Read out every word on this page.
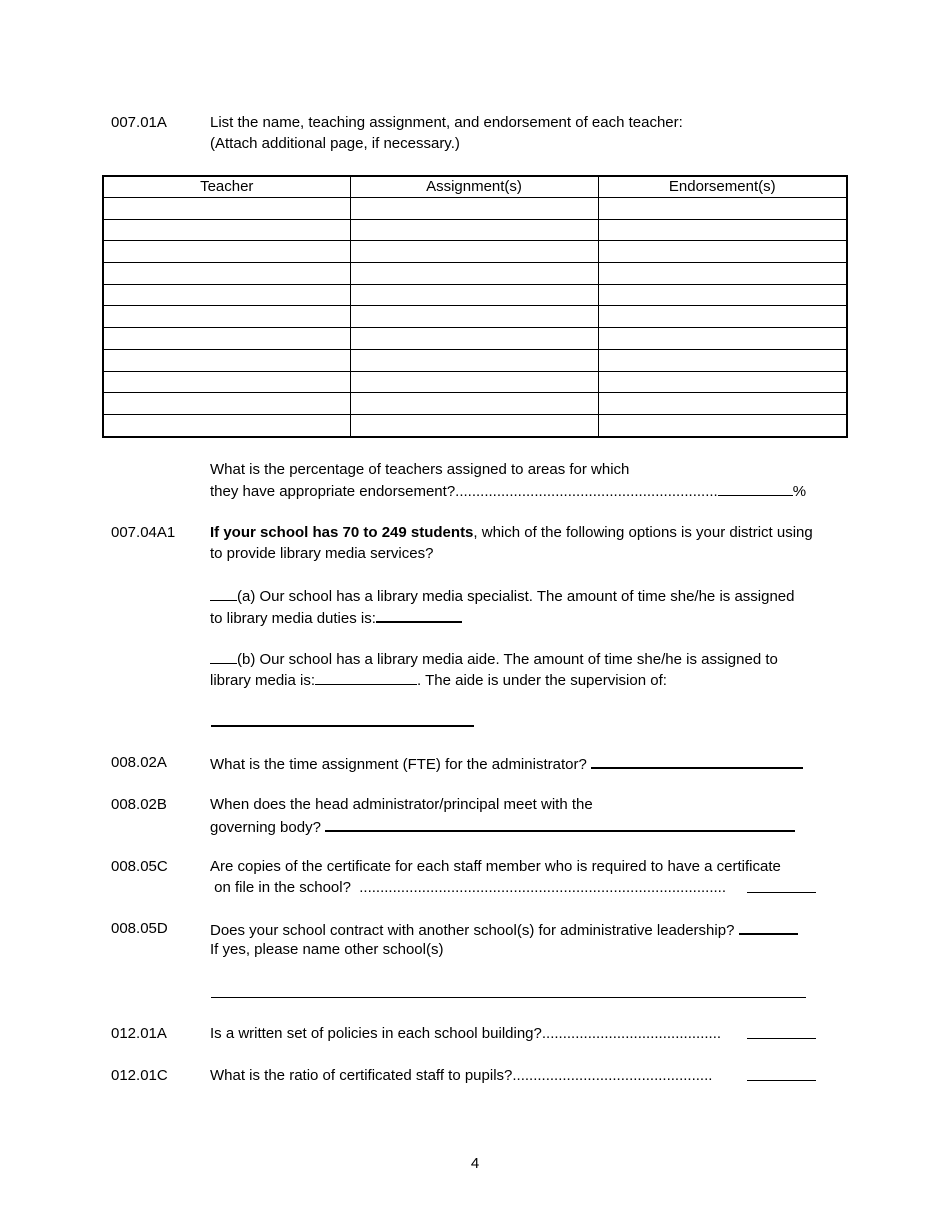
007.01A	List the name, teaching assignment, and endorsement of each teacher:
(Attach additional page, if necessary.)
Teacher	Assignment(s)	Endorsement(s)

What is the percentage of teachers assigned to areas for which
they have appropriate endorsement?...............................................................	%
007.04A1 If your school has 70 to 249 students, which of the following options is your district using
to provide library media services?
(a) Our school has a library media specialist. The amount of time she/he is assigned
to library media duties is:
(b) Our school has a library media aide. The amount of time she/he is assigned to
library media is:	. The aide is under the supervision of:
008.02A	What is the time assignment (FTE) for the administrator?
008.02B	When does the head administrator/principal meet with the
governing body?
008.05C	Are copies of the certificate for each staff member who is required to have a certificate
on file in the school?  ........................................................................................
008.05D	Does your school contract with another school(s) for administrative leadership?
If yes, please name other school(s)
012.01A	Is a written set of policies in each school building?...........................................
012.01C	What is the ratio of certificated staff to pupils?................................................
4
